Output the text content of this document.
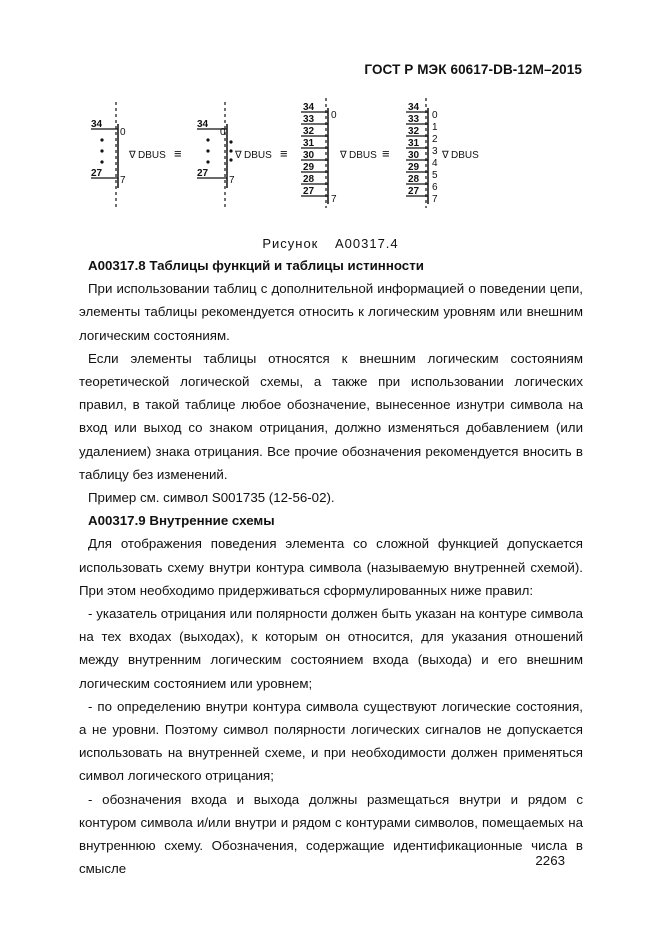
ГОСТ Р МЭК 60617-DB-12M–2015
34
27
0
7
∇ DBUS ≡
34
27
0
7
∇ DBUS ≡
34
33
32
31
30
29
28
27
0
7
∇ DBUS ≡
34
33
32
31
30
29
28
27
0
1
2
3
4
5
6
7
∇ DBUS
Рисунок А00317.4

А00317.8 Таблицы функций и таблицы истинности

При использовании таблиц с дополнительной информацией о поведении цепи, элементы таблицы рекомендуется относить к логическим уровням или внешним логическим состояниям.

Если элементы таблицы относятся к внешним логическим состояниям теоретической логической схемы, а также при использовании логических правил, в такой таблице любое обозначение, вынесенное изнутри символа на вход или выход со знаком отрицания, должно изменяться добавлением (или удалением) знака отрицания. Все прочие обозначения рекомендуется вносить в таблицу без изменений.

Пример см. символ S001735 (12-56-02).

А00317.9 Внутренние схемы

Для отображения поведения элемента со сложной функцией допускается использовать схему внутри контура символа (называемую внутренней схемой). При этом необходимо придерживаться сформулированных ниже правил:

- указатель отрицания или полярности должен быть указан на контуре символа на тех входах (выходах), к которым он относится, для указания отношений между внутренним логическим состоянием входа (выхода) и его внешним логическим состоянием или уровнем;

- по определению внутри контура символа существуют логические состояния, а не уровни. Поэтому символ полярности логических сигналов не допускается использовать на внутренней схеме, и при необходимости должен применяться символ логического отрицания;

- обозначения входа и выхода должны размещаться внутри и рядом с контуром символа и/или внутри и рядом с контурами символов, помещаемых на внутреннюю схему. Обозначения, содержащие идентификационные числа в смысле

2263
